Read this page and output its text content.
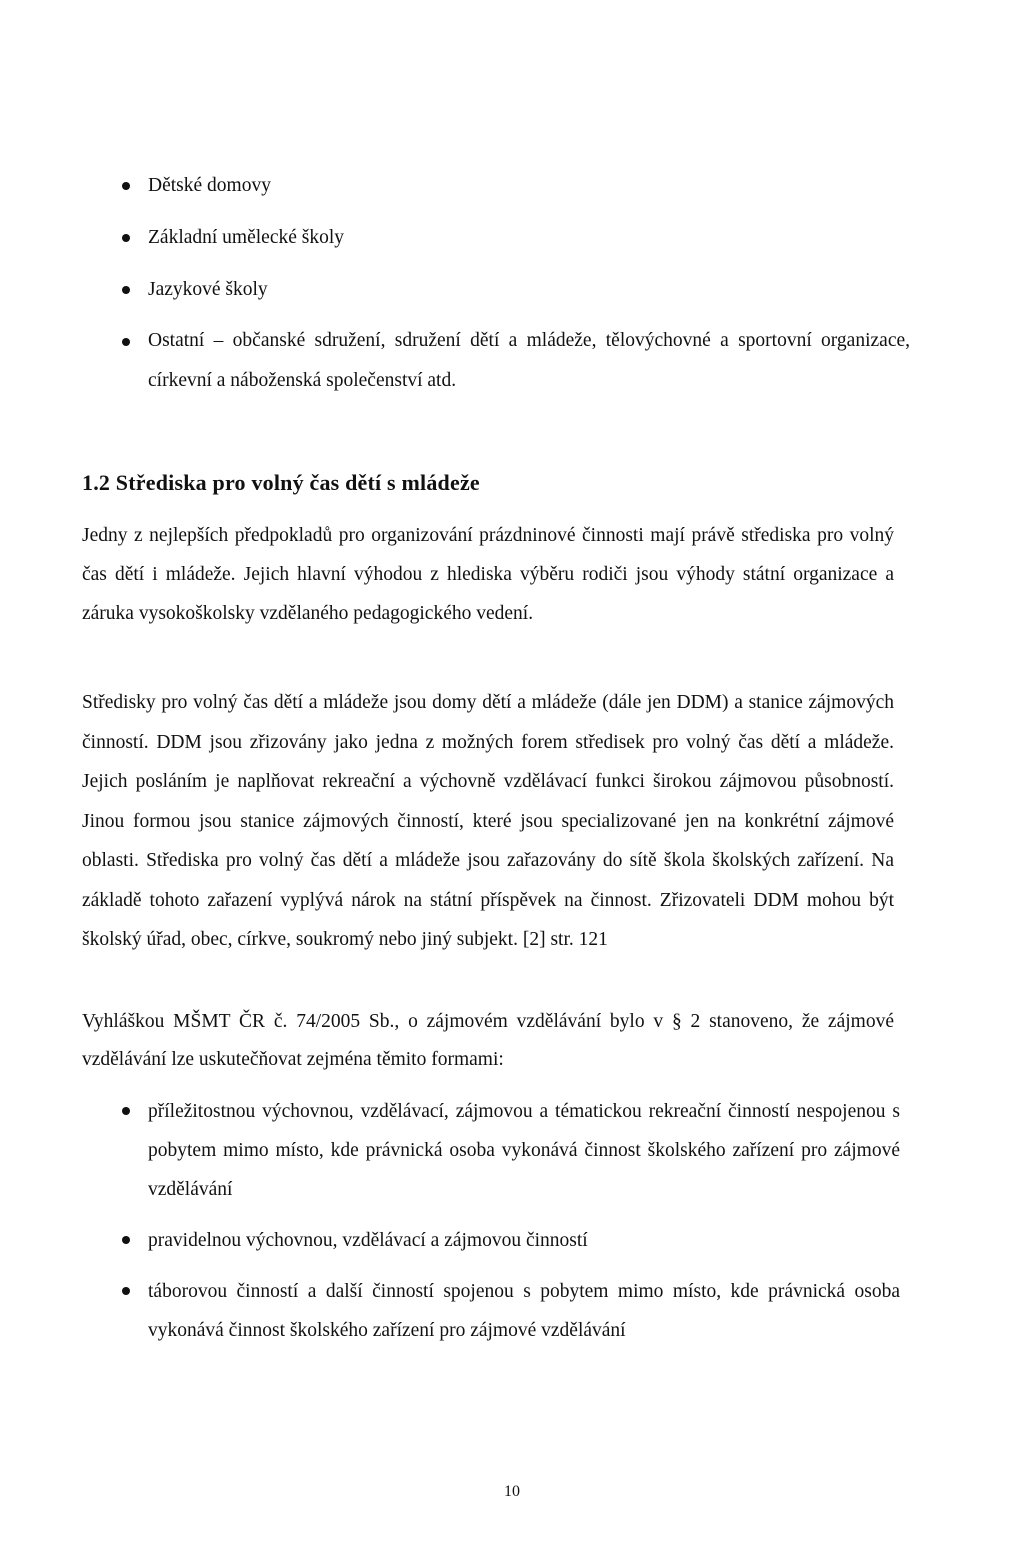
Dětské domovy
Základní umělecké školy
Jazykové školy
Ostatní – občanské sdružení, sdružení dětí a mládeže, tělovýchovné a sportovní organizace, církevní a náboženská společenství atd.
1.2 Střediska pro volný čas dětí s mládeže

Jedny z nejlepších předpokladů pro organizování prázdninové činnosti mají právě střediska pro volný čas dětí i mládeže. Jejich hlavní výhodou z hlediska výběru rodiči jsou výhody státní organizace a záruka vysokoškolsky vzdělaného pedagogického vedení.

Středisky pro volný čas dětí a mládeže jsou domy dětí a mládeže (dále jen DDM) a stanice zájmových činností. DDM jsou zřizovány jako jedna z možných forem středisek pro volný čas dětí a mládeže. Jejich posláním je naplňovat rekreační a výchovně vzdělávací funkci širokou zájmovou působností. Jinou formou jsou stanice zájmových činností, které jsou specializované jen na konkrétní zájmové oblasti. Střediska pro volný čas dětí a mládeže jsou zařazovány do sítě škola školských zařízení. Na základě tohoto zařazení vyplývá nárok na státní příspěvek na činnost. Zřizovateli DDM mohou být školský úřad, obec, církve, soukromý nebo jiný subjekt. [2] str. 121

Vyhláškou MŠMT ČR č. 74/2005 Sb., o zájmovém vzdělávání bylo v § 2 stanoveno, že zájmové vzdělávání lze uskutečňovat zejména těmito formami:

příležitostnou výchovnou, vzdělávací, zájmovou a tématickou rekreační činností nespojenou s pobytem mimo místo, kde právnická osoba vykonává činnost školského zařízení pro zájmové vzdělávání
pravidelnou výchovnou, vzdělávací a zájmovou činností
táborovou činností a další činností spojenou s pobytem mimo místo, kde právnická osoba vykonává činnost školského zařízení pro zájmové vzdělávání
10
